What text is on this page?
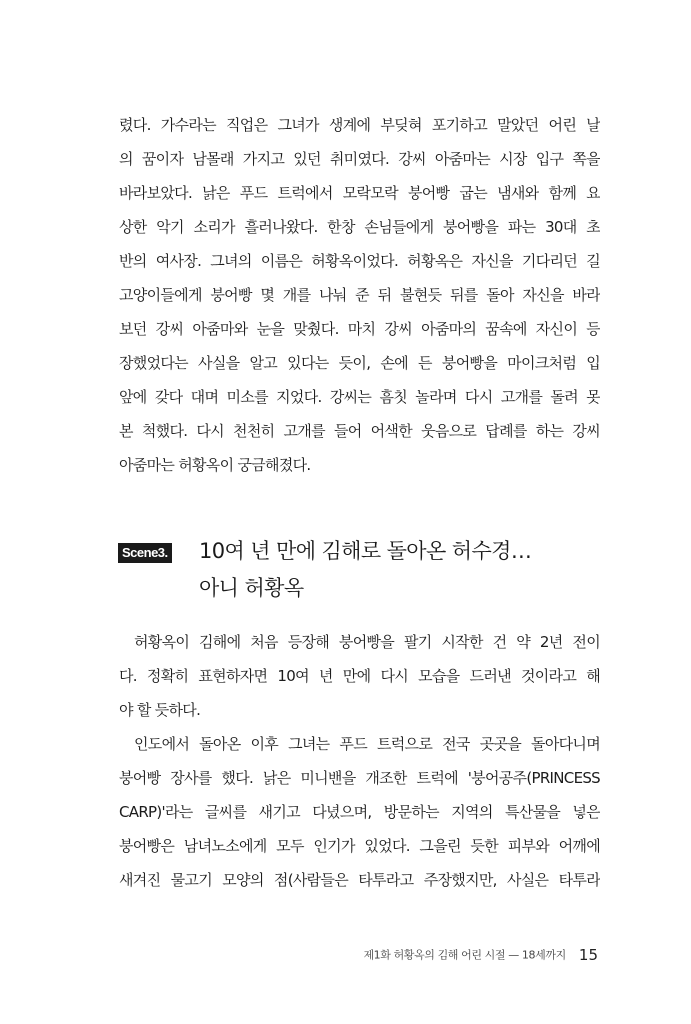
렸다. 가수라는 직업은 그녀가 생계에 부딪혀 포기하고 말았던 어린 날
의 꿈이자 남몰래 가지고 있던 취미였다. 강씨 아줌마는 시장 입구 쪽을
바라보았다. 낡은 푸드 트럭에서 모락모락 붕어빵 굽는 냄새와 함께 요
상한 악기 소리가 흘러나왔다. 한창 손님들에게 붕어빵을 파는 30대 초
반의 여사장. 그녀의 이름은 허황옥이었다. 허황옥은 자신을 기다리던 길
고양이들에게 붕어빵 몇 개를 나눠 준 뒤 불현듯 뒤를 돌아 자신을 바라
보던 강씨 아줌마와 눈을 맞췄다. 마치 강씨 아줌마의 꿈속에 자신이 등
장했었다는 사실을 알고 있다는 듯이, 손에 든 붕어빵을 마이크처럼 입
앞에 갖다 대며 미소를 지었다. 강씨는 흠칫 놀라며 다시 고개를 돌려 못
본 척했다. 다시 천천히 고개를 들어 어색한 웃음으로 답례를 하는 강씨
아줌마는 허황옥이 궁금해졌다.
Scene3. 10여 년 만에 김해로 돌아온 허수경…
아니 허황옥
허황옥이 김해에 처음 등장해 붕어빵을 팔기 시작한 건 약 2년 전이
다. 정확히 표현하자면 10여 년 만에 다시 모습을 드러낸 것이라고 해
야 할 듯하다.
인도에서 돌아온 이후 그녀는 푸드 트럭으로 전국 곳곳을 돌아다니며
붕어빵 장사를 했다. 낡은 미니밴을 개조한 트럭에 '붕어공주(PRINCESS
CARP)'라는 글씨를 새기고 다녔으며, 방문하는 지역의 특산물을 넣은
붕어빵은 남녀노소에게 모두 인기가 있었다. 그을린 듯한 피부와 어깨에
새겨진 물고기 모양의 점(사람들은 타투라고 주장했지만, 사실은 타투라
제1화 허황옥의 김해 어린 시절 — 18세까지 15
